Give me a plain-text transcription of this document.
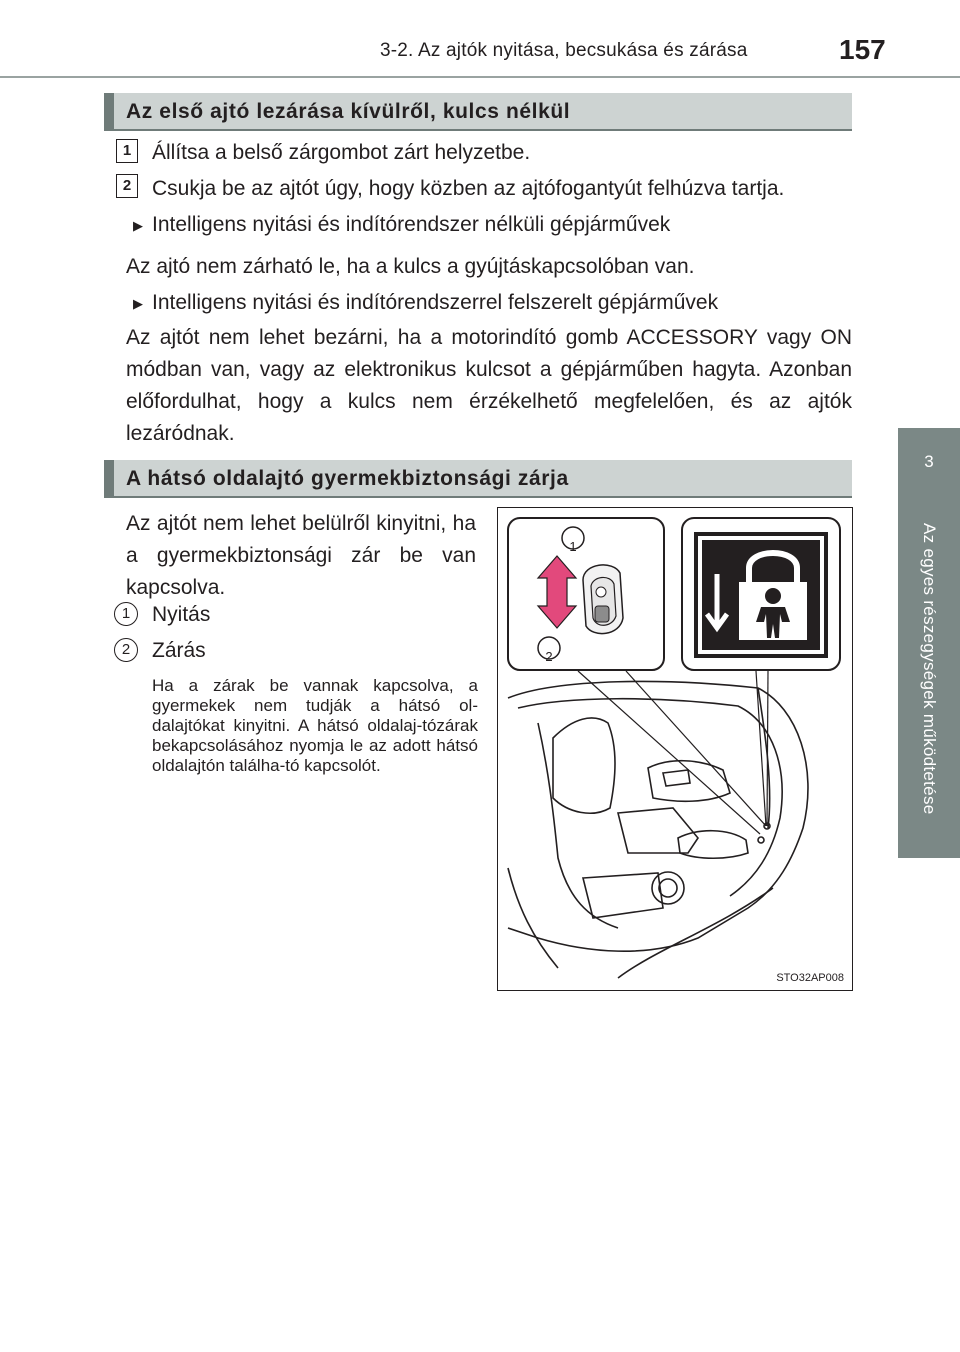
3-2. Az ajtók nyitása, becsukása és zárása	157
3
Az egyes részegységek működtetése
Az első ajtó lezárása kívülről, kulcs nélkül
1 Állítsa a belső zárgombot zárt helyzetbe.
2 Csukja be az ajtót úgy, hogy közben az ajtófogantyút felhúzva tartja.
▶ Intelligens nyitási és indítórendszer nélküli gépjárművek
Az ajtó nem zárható le, ha a kulcs a gyújtáskapcsolóban van.
▶ Intelligens nyitási és indítórendszerrel felszerelt gépjárművek
Az ajtót nem lehet bezárni, ha a motorindító gomb ACCESSORY vagy ON módban van, vagy az elektronikus kulcsot a gépjárműben hagyta. Azonban előfordulhat, hogy a kulcs nem érzékelhető megfelelően, és az ajtók lezáródnak.
A hátsó oldalajtó gyermekbiztonsági zárja
Az ajtót nem lehet belülről kinyitni, ha a gyermekbiztonsági zár be van kapcsolva.
1	Nyitás
2	Zárás
Ha a zárak be vannak kapcsolva, a gyermekek nem tudják a hátsó ol-dalajtókat kinyitni. A hátsó oldalaj-tózárak bekapcsolásához nyomja le az adott hátsó oldalajtón találha-tó kapcsolót.
1
2
STO32AP008
